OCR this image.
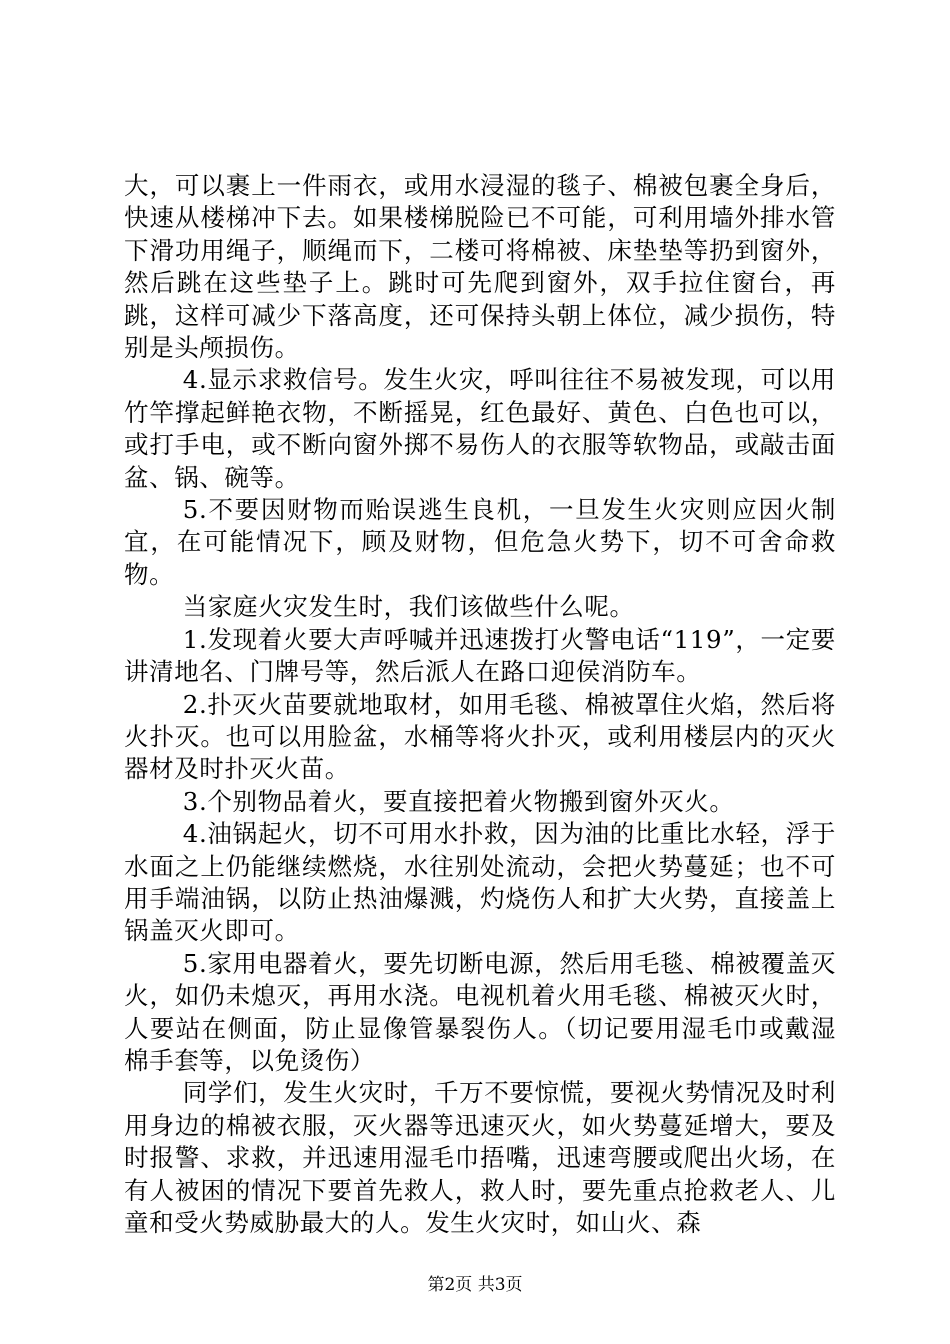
大，可以裹上一件雨衣，或用水浸湿的毯子、棉被包裹全身后，快速从楼梯冲下去。如果楼梯脱险已不可能，可利用墙外排水管下滑功用绳子，顺绳而下，二楼可将棉被、床垫垫等扔到窗外，然后跳在这些垫子上。跳时可先爬到窗外，双手拉住窗台，再跳，这样可减少下落高度，还可保持头朝上体位，减少损伤，特别是头颅损伤。

4.显示求救信号。发生火灾，呼叫往往不易被发现，可以用竹竿撑起鲜艳衣物，不断摇晃，红色最好、黄色、白色也可以，或打手电，或不断向窗外掷不易伤人的衣服等软物品，或敲击面盆、锅、碗等。

5.不要因财物而贻误逃生良机，一旦发生火灾则应因火制宜，在可能情况下，顾及财物，但危急火势下，切不可舍命救物。

当家庭火灾发生时，我们该做些什么呢。

1.发现着火要大声呼喊并迅速拨打火警电话“119”，一定要讲清地名、门牌号等，然后派人在路口迎侯消防车。

2.扑灭火苗要就地取材，如用毛毯、棉被罩住火焰，然后将火扑灭。也可以用脸盆，水桶等将火扑灭，或利用楼层内的灭火器材及时扑灭火苗。

3.个别物品着火，要直接把着火物搬到窗外灭火。

4.油锅起火，切不可用水扑救，因为油的比重比水轻，浮于水面之上仍能继续燃烧，水往别处流动，会把火势蔓延；也不可用手端油锅，以防止热油爆溅，灼烧伤人和扩大火势，直接盖上锅盖灭火即可。

5.家用电器着火，要先切断电源，然后用毛毯、棉被覆盖灭火，如仍未熄灭，再用水浇。电视机着火用毛毯、棉被灭火时，人要站在侧面，防止显像管暴裂伤人。（切记要用湿毛巾或戴湿棉手套等，以免烫伤）

同学们，发生火灾时，千万不要惊慌，要视火势情况及时利用身边的棉被衣服，灭火器等迅速灭火，如火势蔓延增大，要及时报警、求救，并迅速用湿毛巾捂嘴，迅速弯腰或爬出火场，在有人被困的情况下要首先救人，救人时，要先重点抢救老人、儿童和受火势威胁最大的人。发生火灾时，如山火、森

第2页 共3页
